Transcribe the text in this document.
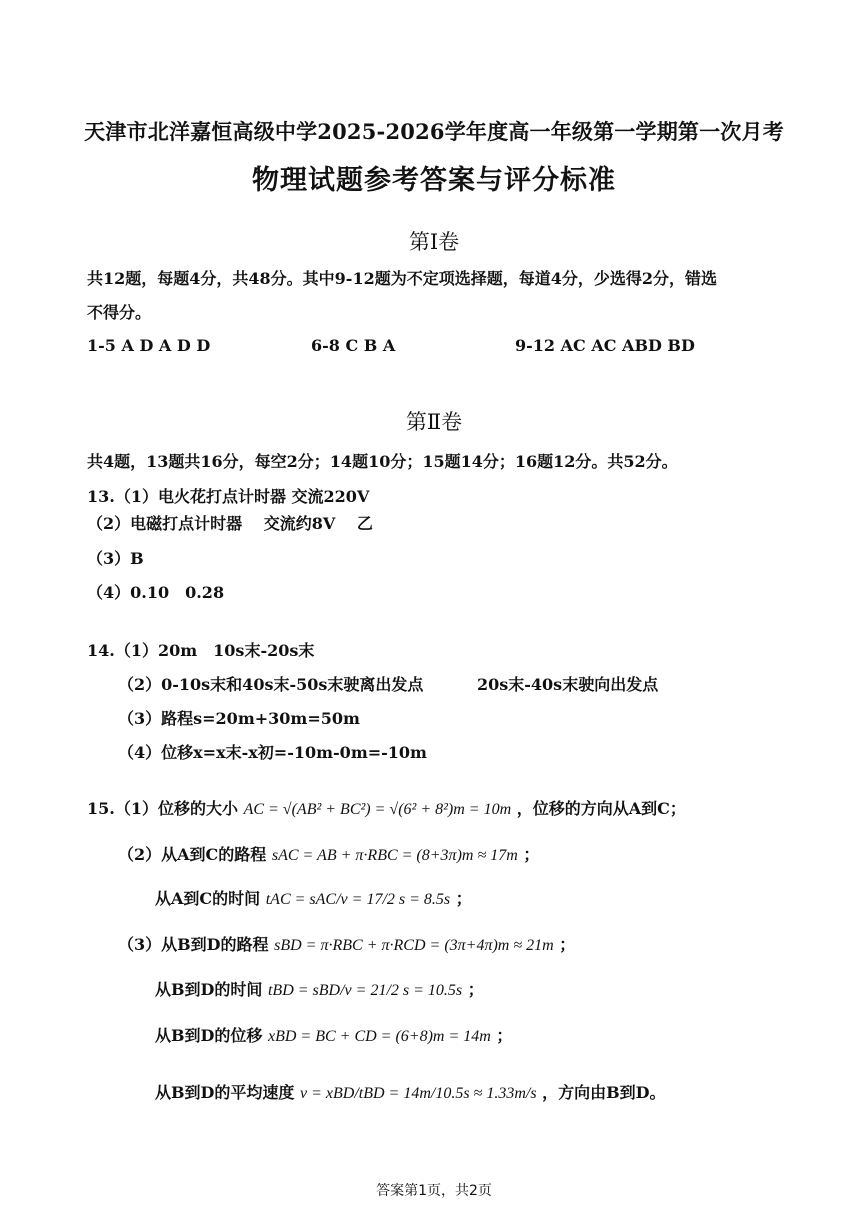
天津市北洋嘉恒高级中学2025-2026学年度高一年级第一学期第一次月考
物理试题参考答案与评分标准
第Ⅰ卷
共12题，每题4分，共48分。其中9-12题为不定项选择题，每道4分，少选得2分，错选
不得分。
1-5 A D A D D	6-8 C B A	9-12 AC AC ABD BD
第Ⅱ卷
共4题，13题共16分，每空2分；14题10分；15题14分；16题12分。共52分。
13.（1）电火花打点计时器 交流220V
（2）电磁打点计时器　 交流约8V　 乙
（3）B
（4）0.10　0.28
14.（1）20m　10s末-20s末
（2）0-10s末和40s末-50s末驶离出发点	20s末-40s末驶向出发点
（3）路程s=20m+30m=50m
（4）位移x=x末-x初=-10m-0m=-10m
15.（1）位移的大小 AC = √(AB² + BC²) = √(6² + 8²)m = 10m ，位移的方向从A到C；
（2）从A到C的路程 sAC = AB + π·RBC = (8+3π)m ≈ 17m ；
从A到C的时间 tAC = sAC/v = 17/2 s = 8.5s ；
（3）从B到D的路程 sBD = π·RBC + π·RCD = (3π+4π)m ≈ 21m ；
从B到D的时间 tBD = sBD/v = 21/2 s = 10.5s ；
从B到D的位移 xBD = BC + CD = (6+8)m = 14m ；
从B到D的平均速度 v = xBD/tBD = 14m/10.5s ≈ 1.33m/s ，方向由B到D。
答案第1页，共2页
